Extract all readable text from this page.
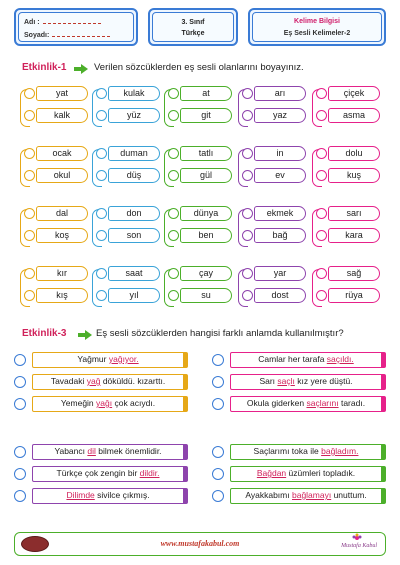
Adı :
Soyadı:
3. Sınıf
Türkçe
Kelime Bilgisi
Eş Sesli Kelimeler-2
Etkinlik-1	Verilen sözcüklerden eş sesli olanlarını boyayınız.
yat
kalk
kulak
yüz
at
git
arı
yaz
çiçek
asma
ocak
okul
duman
düş
tatlı
gül
in
ev
dolu
kuş
dal
koş
don
son
dünya
ben
ekmek
bağ
sarı
kara
kır
kış
saat
yıl
çay
su
yar
dost
sağ
rüya
Etkinlik-3	Eş sesli sözcüklerden hangisi farklı anlamda kullanılmıştır?
Yağmur yağıyor.
Tavadaki yağ döküldü. kızarttı.
Yemeğin yağı çok acıydı.
Camlar her tarafa saçıldı.
Sarı saçlı kız yere düştü.
Okula giderken saçlarını taradı.
Yabancı dil bilmek önemlidir.
Türkçe çok zengin bir dildir.
Dilimde sivilce çıkmış.
Saçlarımı toka ile bağladım.
Bağdan üzümleri topladık.
Ayakkabımı bağlamayı unuttum.
www.mustafakabul.com	Mustafa Kabul
